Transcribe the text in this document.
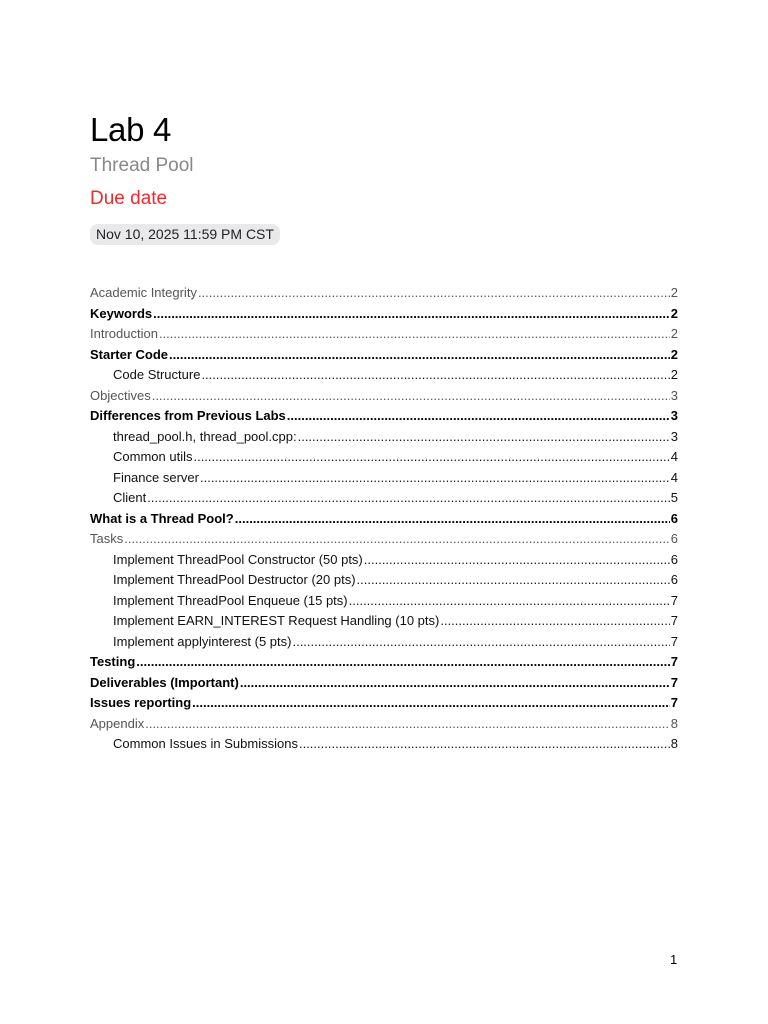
Lab 4
Thread Pool
Due date
Nov 10, 2025 11:59 PM CST
Academic Integrity .....	2
Keywords .....	2
Introduction .....	2
Starter Code .....	2
Code Structure .....	2
Objectives .....	3
Differences from Previous Labs .....	3
thread_pool.h, thread_pool.cpp: .....	3
Common utils .....	4
Finance server .....	4
Client .....	5
What is a Thread Pool? .....	6
Tasks .....	6
Implement ThreadPool Constructor (50 pts) .....	6
Implement ThreadPool Destructor (20 pts) .....	6
Implement ThreadPool Enqueue (15 pts) .....	7
Implement EARN_INTEREST Request Handling (10 pts) .....	7
Implement applyinterest (5 pts) .....	7
Testing .....	7
Deliverables (Important) .....	7
Issues reporting .....	7
Appendix .....	8
Common Issues in Submissions .....	8
1
